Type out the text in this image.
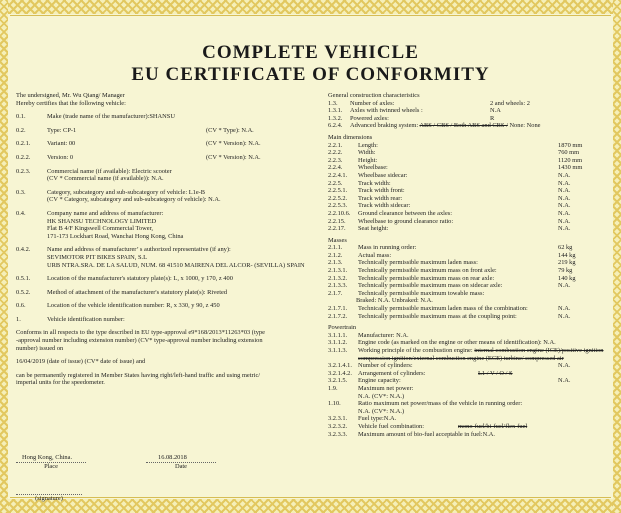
COMPLETE VEHICLE
EU CERTIFICATE OF CONFORMITY
The undersigned, Mr. Wu Qiang/ Manager
Hereby certifies that the following vehicle:
0.1.	Make (trade name of the manufacturer):SHANSU
0.2.	Type: CP-1	(CV * Type): N.A.
0.2.1.	Variant: 00	(CV * Version): N.A.
0.2.2.	Version: 0	(CV * Version): N.A.
0.2.3.	Commercial name (if available): Electric scooter
(CV * Commercial name (if available)): N.A.
0.3.	Category, subcategory and sub-subcategory of vehicle: L1e-B
(CV * Category, subcategory and sub-subcategory of vehicle): N.A.
0.4.	Company name and address of manufacturer:
HK SHANSU TECHNOLOGY LIMITED
Flat B 4/F Kingswell Commercial Tower,
171-173 Lockhart Road, Wanchai Hong Kong, China
0.4.2.	Name and address of manufacturer’ s authorized representative (if any):
SEVIMOTOR PIT BIKES SPAIN, S.L
URB NTRA.SRA. DE LA SALUD, NUM. 68 41510 MAIRENA DEL ALCOR- (SEVILLA) SPAIN
0.5.1.	Location of the manufacturer's statutory plate(s): L, x 1000, y 170, z 400
0.5.2.	Method of attachment of the manufacturer's statutory plate(s): Riveted
0.6.	Location of the vehicle identification number: R, x 330, y 90, z 450
1.	Vehicle identification number:
Conforms in all respects to the type described in EU type-approval e9*168/2013*11263*03 (type
-approval number including extension number) (CV* type-approval number including extension
number) issued on
16/04/2019 (date of issue) (CV* date of issue) and
can be permanently registered in Member States having right/left-hand traffic and using metric/
imperial units for the speedometer.
Hong Kong, China.
Place
16.08.2018
Date
(signature)
General construction characteristics
1.3.	Number of axles:	2 and wheels: 2
1.3.1.	Axles with twinned wheels :	N.A
1.3.2.	Powered axles:	R
6.2.4.	Advanced braking system: ABS / CBS / Both ABS and CBS / None: None
Main dimensions
2.2.1.	Length:	1870 mm
2.2.2.	Width:	760 mm
2.2.3.	Height:	1120 mm
2.2.4.	Wheelbase:	1430 mm
2.2.4.1.	Wheelbase sidecar:	N.A.
2.2.5.	Track width:	N.A.
2.2.5.1.	Track width front:	N.A.
2.2.5.2.	Track width rear:	N.A.
2.2.5.3.	Track width sidecar:	N.A.
2.2.10.6.	Ground clearance between the axles:	N.A.
2.2.15.	Wheelbase to ground clearance ratio:	N.A.
2.2.17.	Seat height:	N.A.
Masses
2.1.1.	Mass in running order:	62 kg
2.1.2.	Actual mass:	144 kg
2.1.3.	Technically permissible maximum laden mass:	219 kg
2.1.3.1.	Technically permissible maximum mass on front axle:	79 kg
2.1.3.2.	Technically permissible maximum mass on rear axle:	140 kg
2.1.3.3.	Technically permissible maximum mass on sidecar axle:	N.A.
2.1.7.	Technically permissible maximum towable mass:
Braked: N.A. Unbraked: N.A.
2.1.7.1.	Technically permissible maximum laden mass of the combination:	N.A.
2.1.7.2.	Technically permissible maximum mass at the coupling point:	N.A.
Powertrain
3.1.1.1.	Manufacturer: N.A.
3.1.1.2.	Engine code (as marked on the engine or other means of identification): N.A.
3.1.1.3.	Working principle of the combustion engine: internal combustion engine (ICE)/positive ignition
compression ignition/external combustion engine (ECE) turbine/ compressed air
3.2.1.4.1. Number of cylinders:	N.A.
3.2.1.4.2. Arrangement of cylinders:	L1 / V / O / S
3.2.1.5.	Engine capacity:	N.A.
1.9.	Maximum net power:
N.A. (CV*: N.A.)
1.10.	Ratio maximum net power/mass of the vehicle in running order:
N.A. (CV*: N.A.)
3.2.3.1.	Fuel type:N.A.
3.2.3.2.	Vehicle fuel combination:	mono-fuel/bi-fuel/flex-fuel
3.2.3.3.	Maximum amount of bio-fuel acceptable in fuel:N.A.
